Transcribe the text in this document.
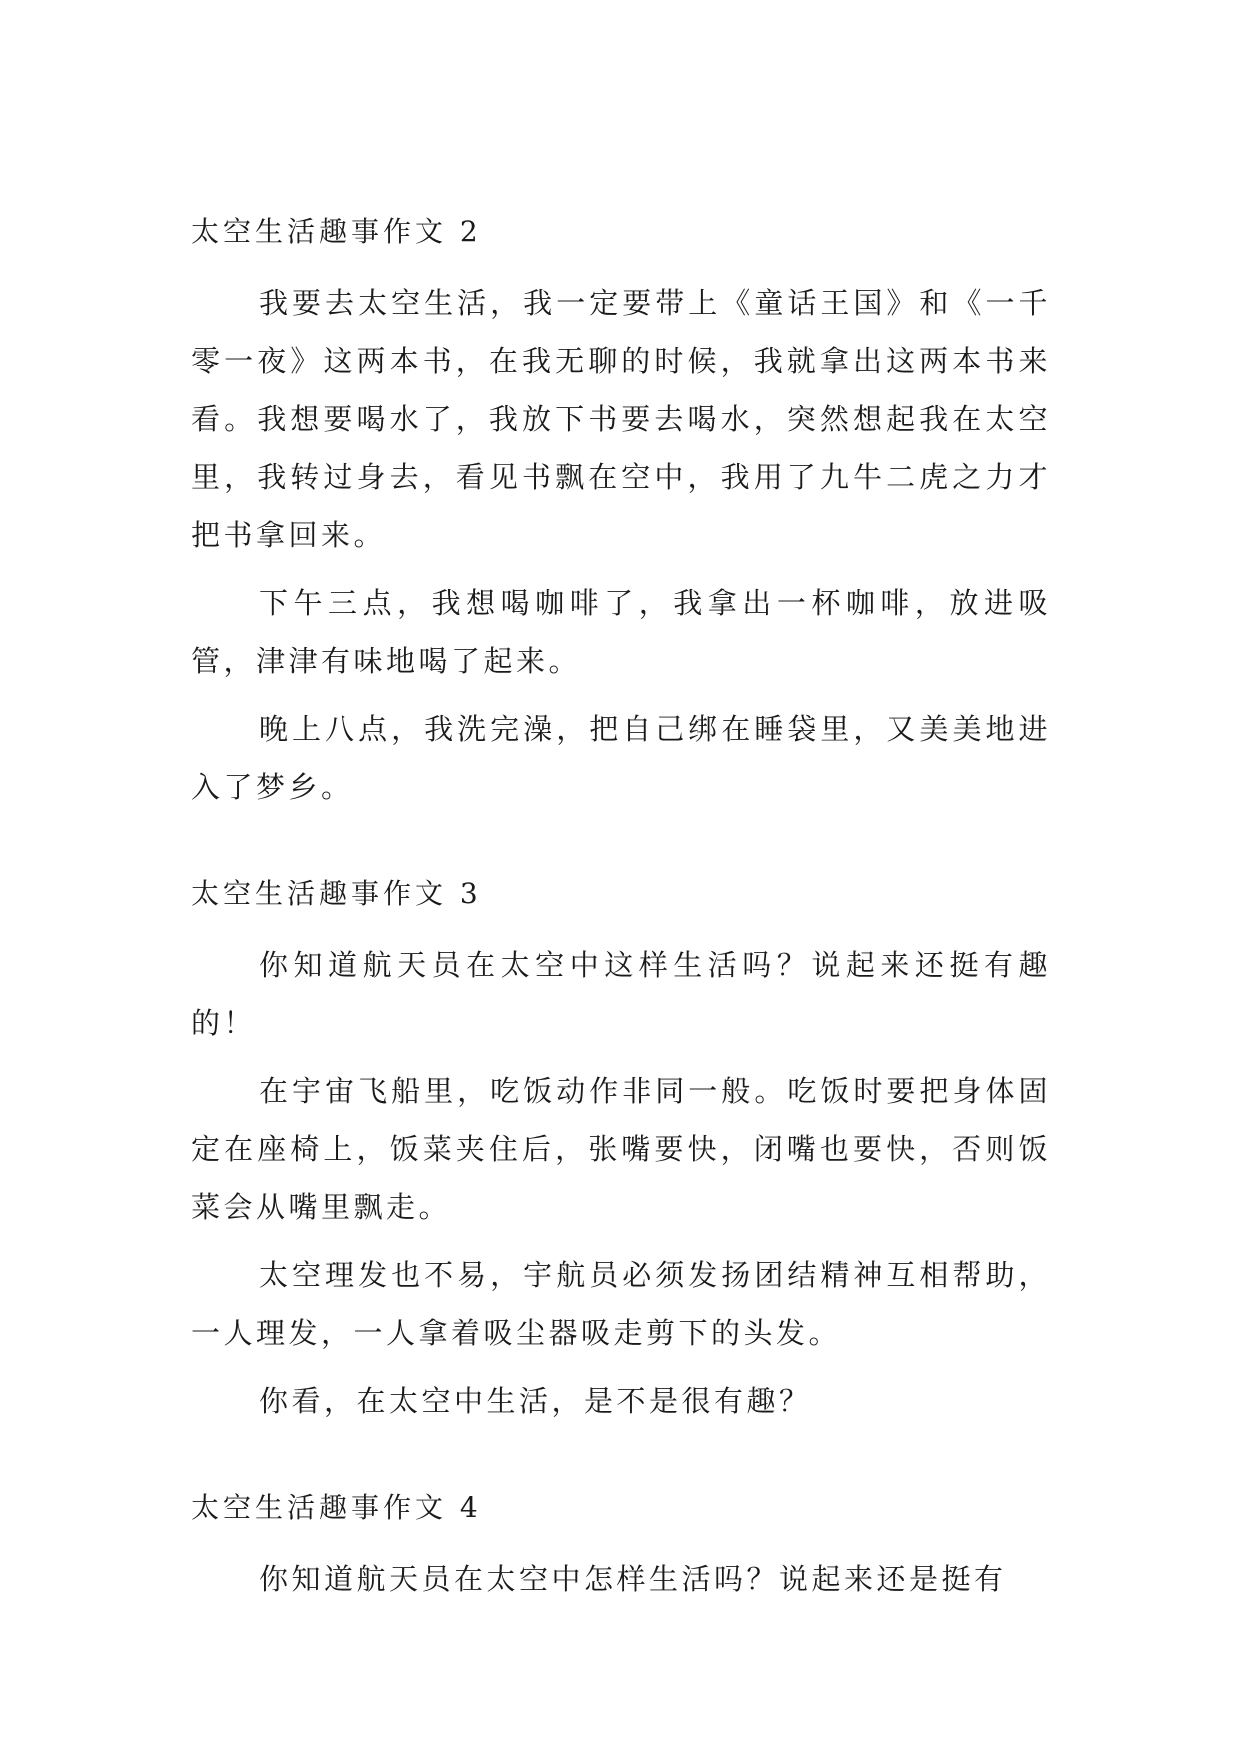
太空生活趣事作文 2

我要去太空生活，我一定要带上《童话王国》和《一千零一夜》这两本书，在我无聊的时候，我就拿出这两本书来看。我想要喝水了，我放下书要去喝水，突然想起我在太空里，我转过身去，看见书飘在空中，我用了九牛二虎之力才把书拿回来。

下午三点，我想喝咖啡了，我拿出一杯咖啡，放进吸管，津津有味地喝了起来。

晚上八点，我洗完澡，把自己绑在睡袋里，又美美地进入了梦乡。

太空生活趣事作文 3

你知道航天员在太空中这样生活吗？说起来还挺有趣的！

在宇宙飞船里，吃饭动作非同一般。吃饭时要把身体固定在座椅上，饭菜夹住后，张嘴要快，闭嘴也要快，否则饭菜会从嘴里飘走。

太空理发也不易，宇航员必须发扬团结精神互相帮助，一人理发，一人拿着吸尘器吸走剪下的头发。

你看，在太空中生活，是不是很有趣？

太空生活趣事作文 4

你知道航天员在太空中怎样生活吗？说起来还是挺有
